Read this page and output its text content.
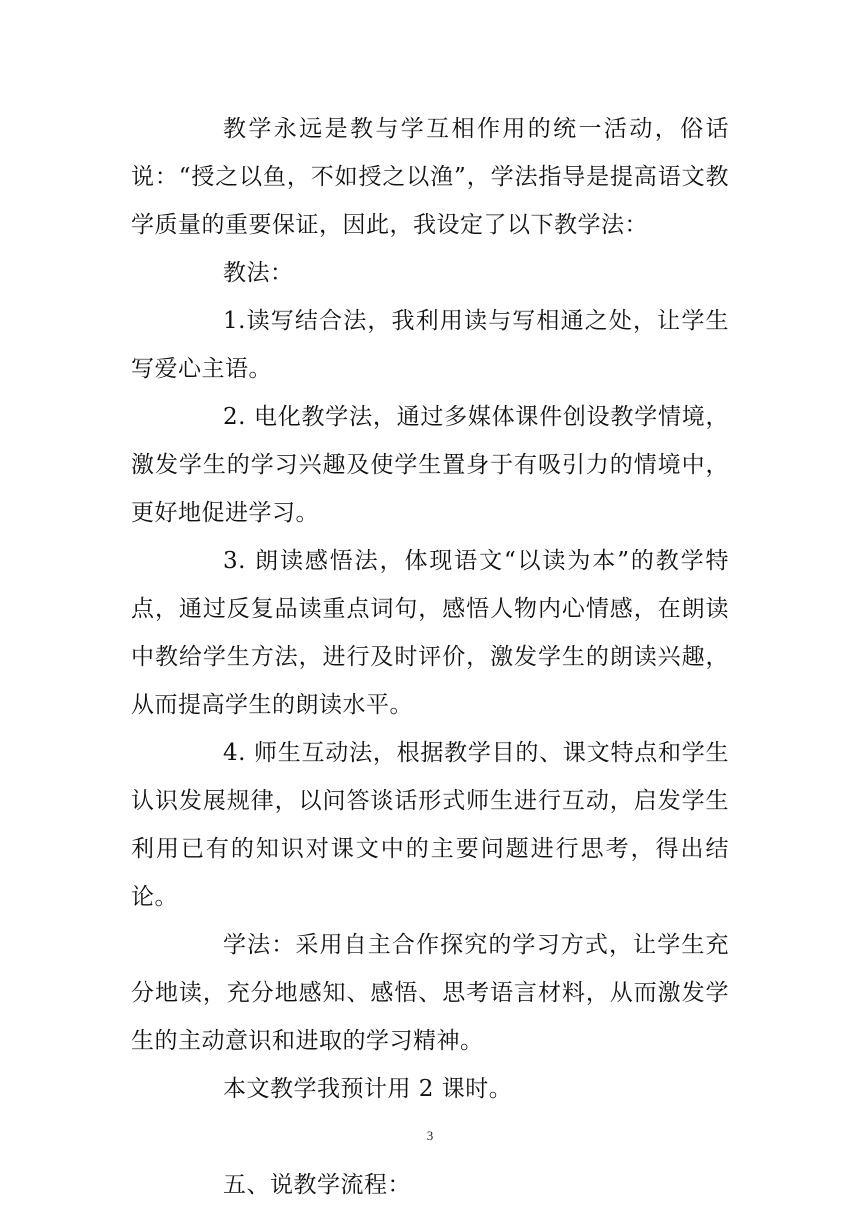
教学永远是教与学互相作用的统一活动，俗话说：“授之以鱼，不如授之以渔”，学法指导是提高语文教学质量的重要保证，因此，我设定了以下教学法：

教法：

1.读写结合法，我利用读与写相通之处，让学生写爱心主语。

2. 电化教学法，通过多媒体课件创设教学情境，激发学生的学习兴趣及使学生置身于有吸引力的情境中，更好地促进学习。

3. 朗读感悟法，体现语文“以读为本”的教学特点，通过反复品读重点词句，感悟人物内心情感，在朗读中教给学生方法，进行及时评价，激发学生的朗读兴趣，从而提高学生的朗读水平。

4. 师生互动法，根据教学目的、课文特点和学生认识发展规律，以问答谈话形式师生进行互动，启发学生利用已有的知识对课文中的主要问题进行思考，得出结论。

学法：采用自主合作探究的学习方式，让学生充分地读，充分地感知、感悟、思考语言材料，从而激发学生的主动意识和进取的学习精神。

本文教学我预计用 2 课时。

五、说教学流程：

3
